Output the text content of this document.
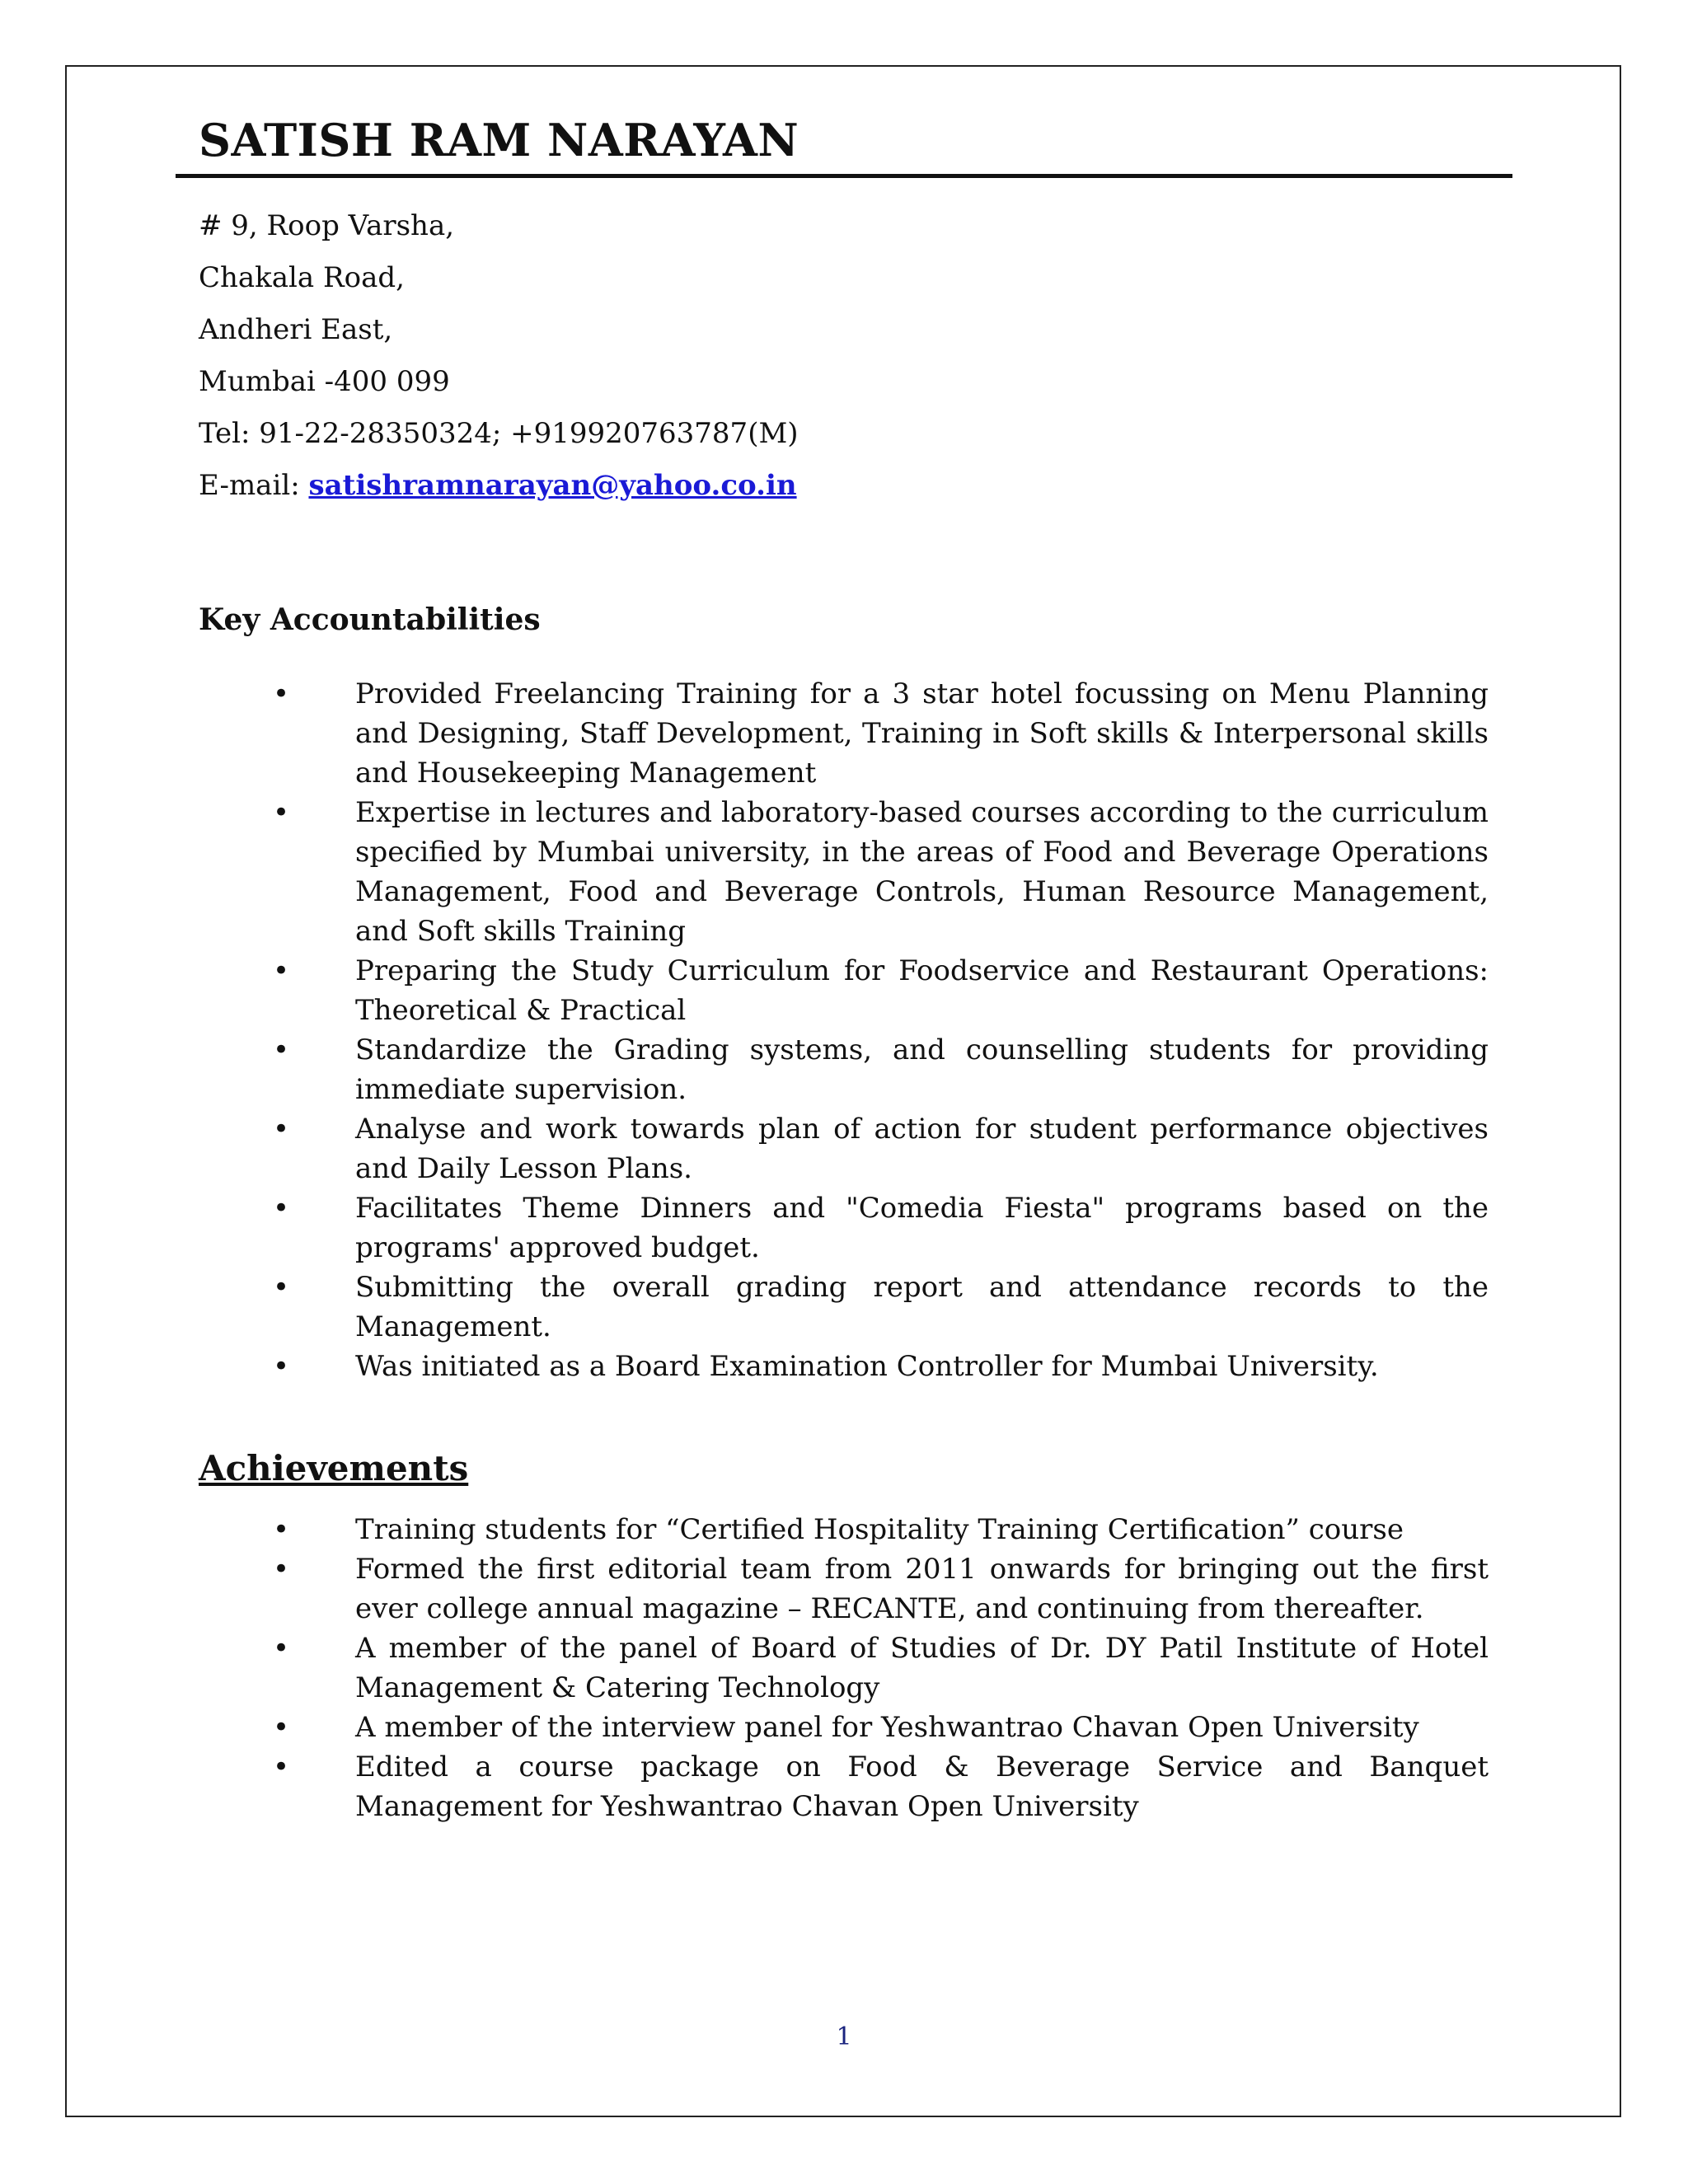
SATISH RAM NARAYAN

# 9, Roop Varsha,

Chakala Road,

Andheri East,

Mumbai -400 099

Tel: 91-22-28350324; +919920763787(M)

E-mail: satishramnarayan@yahoo.co.in

Key Accountabilities
• Provided Freelancing Training for a 3 star hotel focussing on Menu Planning and Designing, Staff Development, Training in Soft skills & Interpersonal skills and Housekeeping Management
• Expertise in lectures and laboratory-based courses according to the curriculum specified by Mumbai university, in the areas of Food and Beverage Operations Management, Food and Beverage Controls, Human Resource Management, and Soft skills Training
• Preparing the Study Curriculum for Foodservice and Restaurant Operations: Theoretical & Practical
• Standardize the Grading systems, and counselling students for providing immediate supervision.
• Analyse and work towards plan of action for student performance objectives and Daily Lesson Plans.
• Facilitates Theme Dinners and "Comedia Fiesta" programs based on the programs' approved budget.
• Submitting the overall grading report and attendance records to the Management.
• Was initiated as a Board Examination Controller for Mumbai University.
Achievements
• Training students for “Certified Hospitality Training Certification” course
• Formed the first editorial team from 2011 onwards for bringing out the first ever college annual magazine – RECANTE, and continuing from thereafter.
• A member of the panel of Board of Studies of Dr. DY Patil Institute of Hotel Management & Catering Technology
• A member of the interview panel for Yeshwantrao Chavan Open University
• Edited a course package on Food & Beverage Service and Banquet Management for Yeshwantrao Chavan Open University

1
